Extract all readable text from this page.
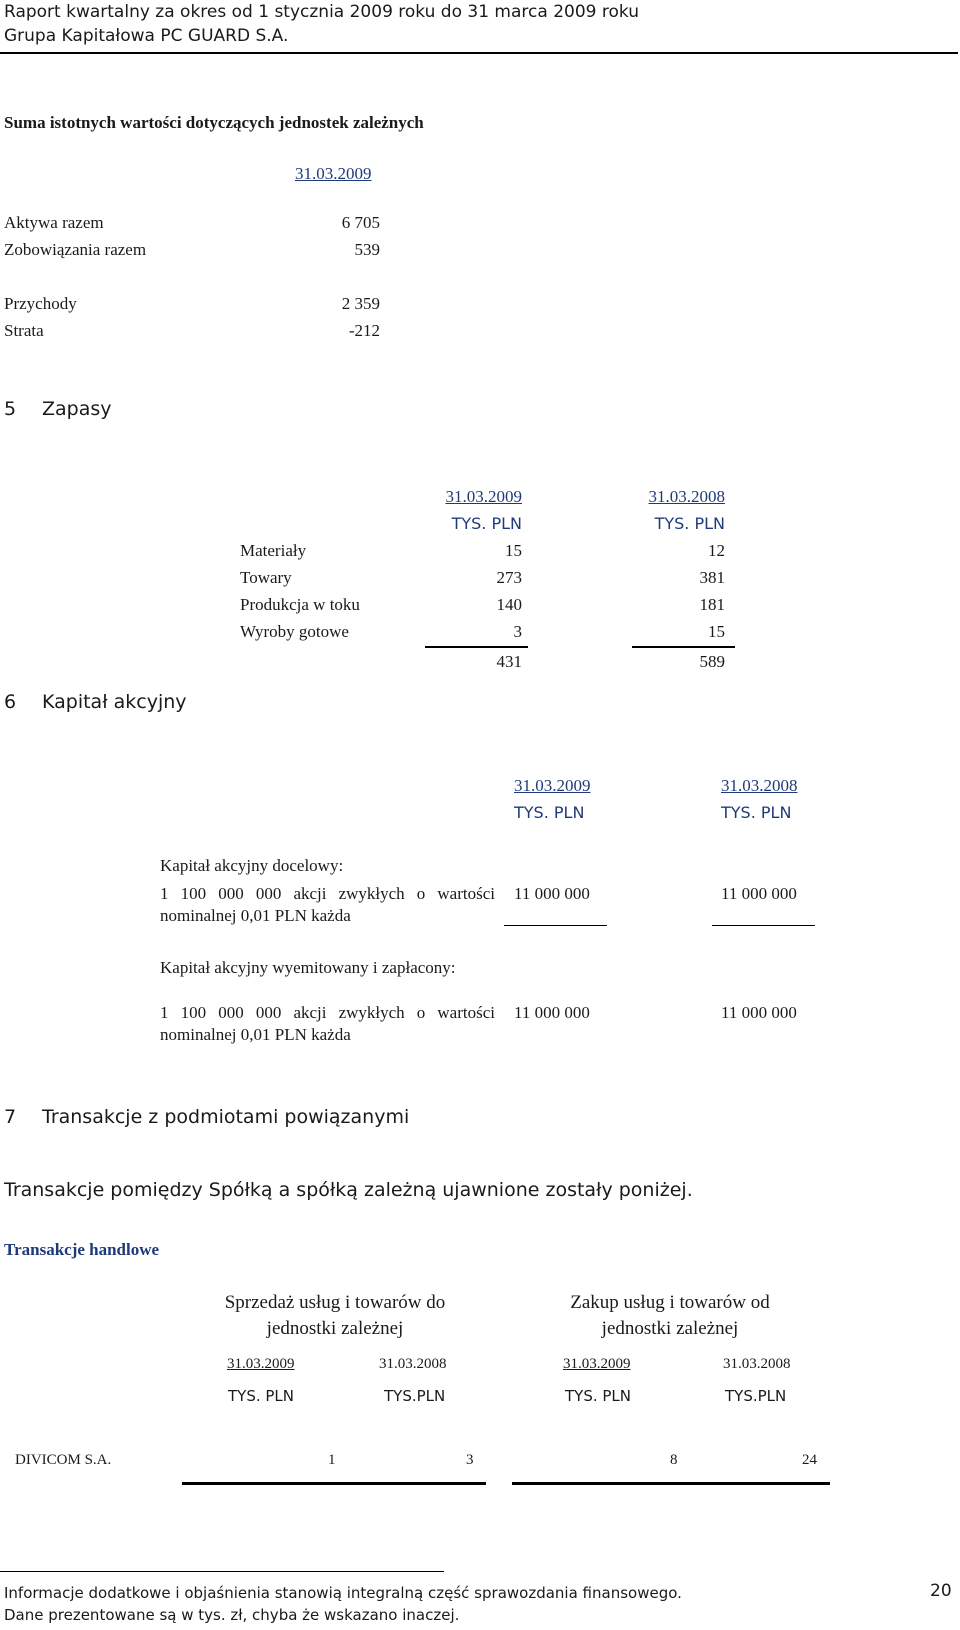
Raport kwartalny za okres od 1 stycznia 2009 roku do 31 marca 2009 roku
Grupa Kapitałowa PC GUARD S.A.
Suma istotnych wartości dotyczących jednostek zależnych
31.03.2009
Aktywa razem	6 705
Zobowiązania razem	539
Przychody	2 359
Strata	-212
5 Zapasy
31.03.2009	31.03.2008
TYS. PLN	TYS. PLN
Materiały	15	12
Towary	273	381
Produkcja w toku	140	181
Wyroby gotowe	3	15
431	589
6 Kapitał akcyjny
31.03.2009	31.03.2008
TYS. PLN	TYS. PLN
Kapitał akcyjny docelowy:
1 100 000 000 akcji zwykłych o wartości
nominalnej 0,01 PLN każda
11 000 000	11 000 000
Kapitał akcyjny wyemitowany i zapłacony:
1 100 000 000 akcji zwykłych o wartości
nominalnej 0,01 PLN każda
11 000 000	11 000 000
7 Transakcje z podmiotami powiązanymi
Transakcje pomiędzy Spółką a spółką zależną ujawnione zostały poniżej.
Transakcje handlowe
Sprzedaż usług i towarów do
jednostki zależnej
Zakup usług i towarów od
jednostki zależnej
31.03.2009	31.03.2008	31.03.2009	31.03.2008
TYS. PLN	TYS.PLN	TYS. PLN	TYS.PLN
DIVICOM S.A.	1	3	8	24
Informacje dodatkowe i objaśnienia stanowią integralną część sprawozdania finansowego.
Dane prezentowane są w tys. zł, chyba że wskazano inaczej.
20
